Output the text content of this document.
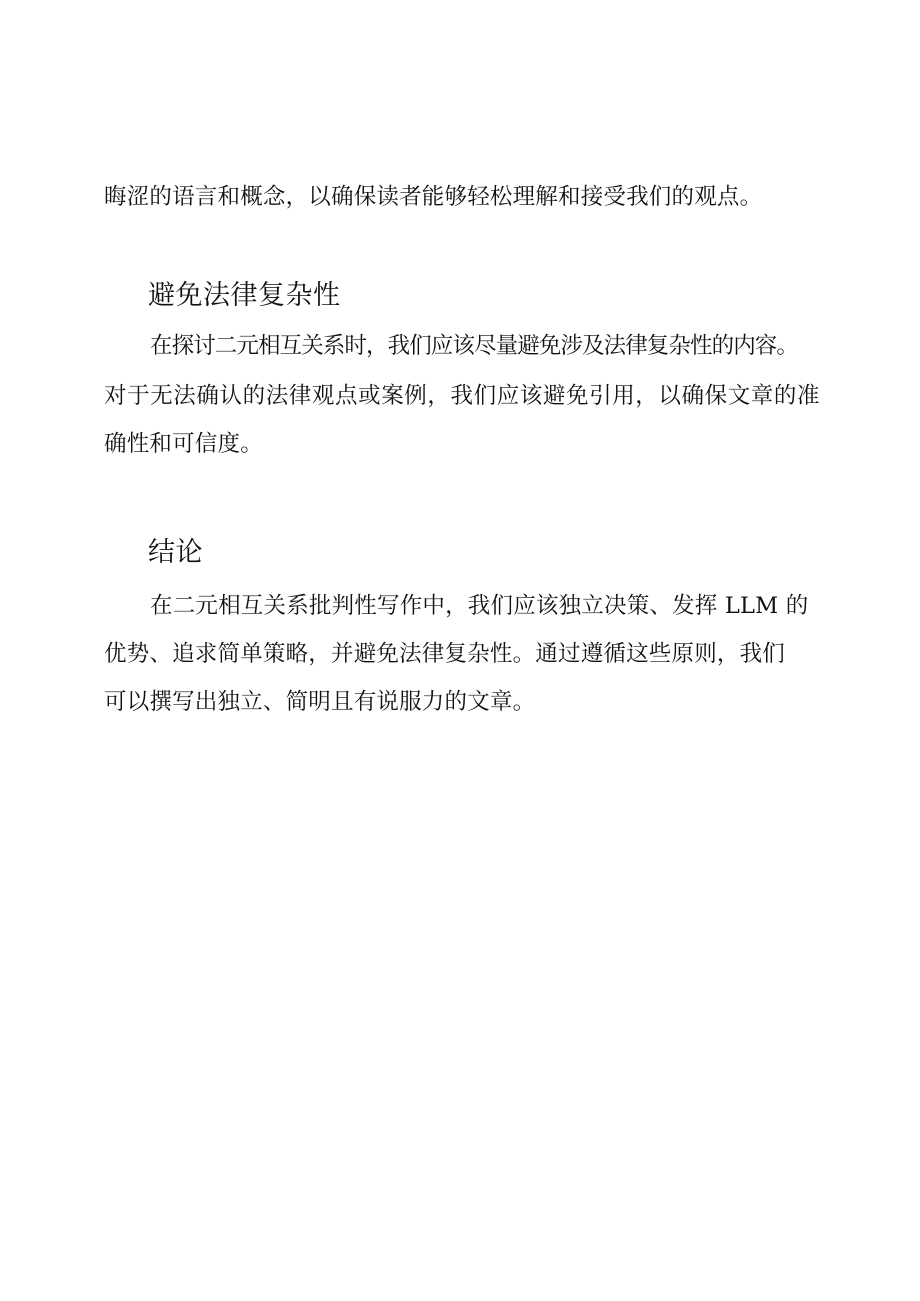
晦涩的语言和概念，以确保读者能够轻松理解和接受我们的观点。
避免法律复杂性
在探讨二元相互关系时，我们应该尽量避免涉及法律复杂性的内容。
对于无法确认的法律观点或案例，我们应该避免引用，以确保文章的准
确性和可信度。
结论
在二元相互关系批判性写作中，我们应该独立决策、发挥 LLM 的
优势、追求简单策略，并避免法律复杂性。通过遵循这些原则，我们
可以撰写出独立、简明且有说服力的文章。
